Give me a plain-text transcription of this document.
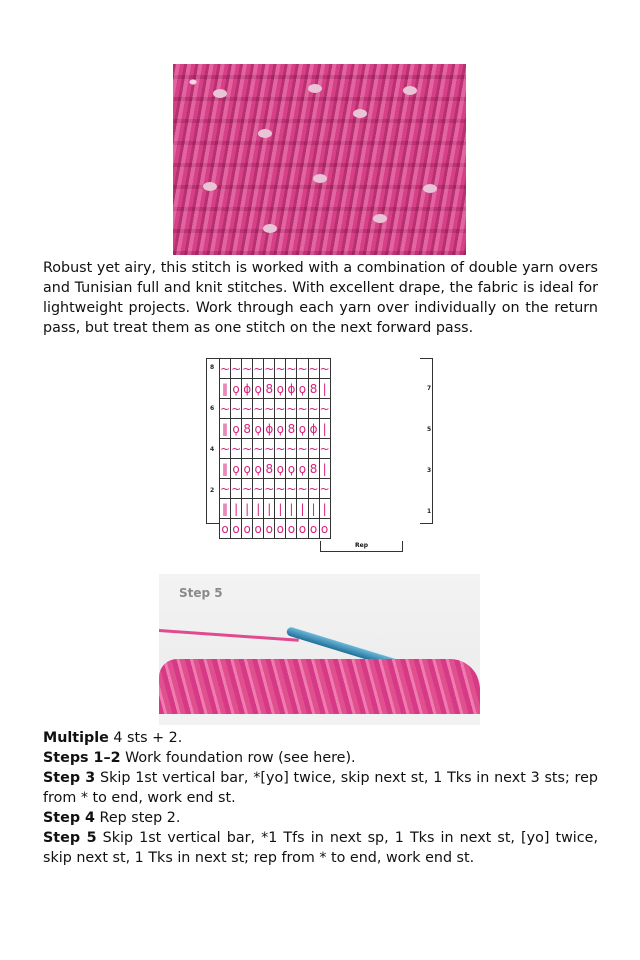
Robust yet airy, this stitch is worked with a combination of double yarn overs and Tunisian full and knit stitches. With excellent drape, the fabric is ideal for lightweight projects. Work through each yarn over individually on the return pass, but treat them as one stitch on the next forward pass.
8
6
4
2
7
5
3
1
~	~	~	~	~	~	~	~	~	~
‖	ϙ	ɸ	ϙ	8	ϙ	ɸ	ϙ	8	|
~	~	~	~	~	~	~	~	~	~
‖	ϙ	8	ϙ	ɸ	ϙ	8	ϙ	ɸ	|
~	~	~	~	~	~	~	~	~	~
‖	ϙ	ϙ	ϙ	8	ϙ	ϙ	ϙ	8	|
~	~	~	~	~	~	~	~	~	~
‖	|	|	|	|	|	|	|	|	|
o	o	o	o	o	o	o	o	o	o
Rep
Step 5

Multiple 4 sts + 2.

Steps 1–2 Work foundation row (see here).

Step 3 Skip 1st vertical bar, *[yo] twice, skip next st, 1 Tks in next 3 sts; rep from * to end, work end st.

Step 4 Rep step 2.

Step 5 Skip 1st vertical bar, *1 Tfs in next sp, 1 Tks in next st, [yo] twice, skip next st, 1 Tks in next st; rep from * to end, work end st.
